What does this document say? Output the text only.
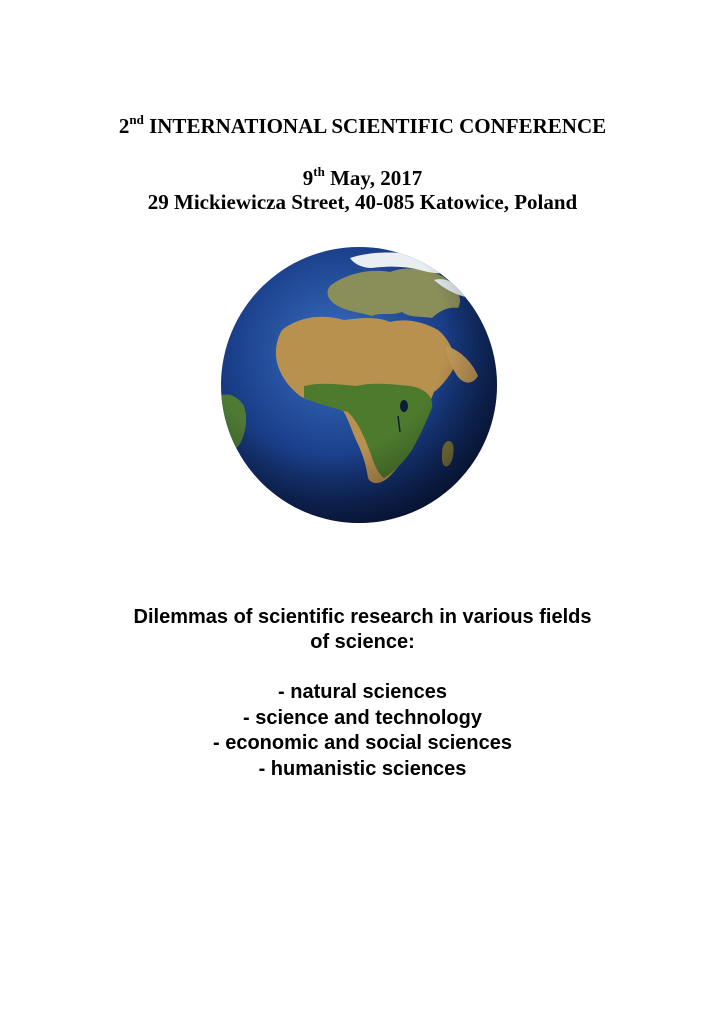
2nd INTERNATIONAL SCIENTIFIC CONFERENCE
9th May, 2017
29 Mickiewicza Street, 40-085 Katowice, Poland
Dilemmas of scientific research in various fields
of science:
- natural sciences
- science and technology
- economic and social sciences
- humanistic sciences
